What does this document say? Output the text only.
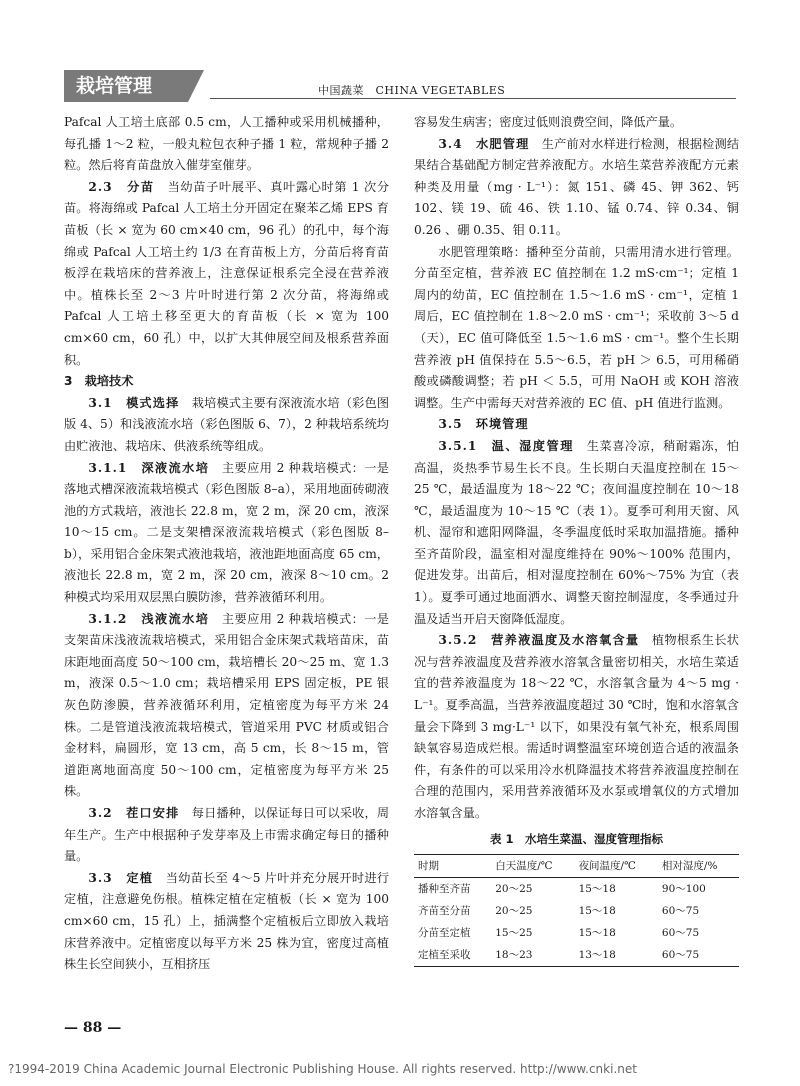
栽培管理	中国蔬菜　CHINA VEGETABLES

Pafcal 人工培土底部 0.5 cm，人工播种或采用机械播种，每孔播 1～2 粒，一般丸粒包衣种子播 1 粒，常规种子播 2 粒。然后将育苗盘放入催芽室催芽。

2.3　分苗　 当幼苗子叶展平、真叶露心时第 1 次分苗。将海绵或 Pafcal 人工培土分开固定在聚苯乙烯 EPS 育苗板（长 × 宽为 60 cm×40 cm，96 孔）的孔中，每个海绵或 Pafcal 人工培土约 1/3 在育苗板上方，分苗后将育苗板浮在栽培床的营养液上，注意保证根系完全浸在营养液中。植株长至 2～3 片叶时进行第 2 次分苗，将海绵或 Pafcal 人工培土移至更大的育苗板（长 × 宽为 100 cm×60 cm，60 孔）中，以扩大其伸展空间及根系营养面积。

3　栽培技术

3.1　模式选择　 栽培模式主要有深液流水培（彩色图版 4、5）和浅液流水培（彩色图版 6、7），2 种栽培系统均由贮液池、栽培床、供液系统等组成。

3.1.1　深液流水培　 主要应用 2 种栽培模式：一是落地式槽深液流栽培模式（彩色图版 8–a），采用地面砖砌液池的方式栽培，液池长 22.8 m，宽 2 m，深 20 cm，液深 10～15 cm。二是支架槽深液流栽培模式（彩色图版 8–b），采用铝合金床架式液池栽培，液池距地面高度 65 cm，液池长 22.8 m，宽 2 m，深 20 cm，液深 8～10 cm。2 种模式均采用双层黑白膜防渗，营养液循环利用。

3.1.2　浅液流水培　 主要应用 2 种栽培模式：一是支架苗床浅液流栽培模式，采用铝合金床架式栽培苗床，苗床距地面高度 50～100 cm，栽培槽长 20～25 m、宽 1.3 m，液深 0.5～1.0 cm；栽培槽采用 EPS 固定板，PE 银灰色防渗膜，营养液循环利用，定植密度为每平方米 24 株。二是管道浅液流栽培模式，管道采用 PVC 材质或铝合金材料，扁圆形，宽 13 cm，高 5 cm，长 8～15 m，管道距离地面高度 50～100 cm，定植密度为每平方米 25 株。

3.2　茬口安排　 每日播种，以保证每日可以采收，周年生产。生产中根据种子发芽率及上市需求确定每日的播种量。

3.3　定植　 当幼苗长至 4～5 片叶并充分展开时进行定植，注意避免伤根。植株定植在定植板（长 × 宽为 100 cm×60 cm，15 孔）上，插满整个定植板后立即放入栽培床营养液中。定植密度以每平方米 25 株为宜，密度过高植株生长空间狭小，互相挤压

容易发生病害；密度过低则浪费空间，降低产量。

3.4　水肥管理　 生产前对水样进行检测，根据检测结果结合基础配方制定营养液配方。水培生菜营养液配方元素种类及用量（mg · L⁻¹）：氮 151、磷 45、钾 362、钙 102、镁 19、硫 46、铁 1.10、锰 0.74、锌 0.34、铜 0.26 、硼 0.35、钼 0.11。

水肥管理策略：播种至分苗前，只需用清水进行管理。分苗至定植，营养液 EC 值控制在 1.2 mS·cm⁻¹；定植 1 周内的幼苗，EC 值控制在 1.5～1.6 mS · cm⁻¹，定植 1 周后，EC 值控制在 1.8～2.0 mS · cm⁻¹；采收前 3～5 d（天），EC 值可降低至 1.5～1.6 mS · cm⁻¹。整个生长期营养液 pH 值保持在 5.5～6.5，若 pH ＞ 6.5，可用稀硝酸或磷酸调整；若 pH ＜ 5.5，可用 NaOH 或 KOH 溶液调整。生产中需每天对营养液的 EC 值、pH 值进行监测。

3.5　环境管理

3.5.1　温、湿度管理　 生菜喜冷凉，稍耐霜冻，怕高温，炎热季节易生长不良。生长期白天温度控制在 15～25 ℃，最适温度为 18～22 ℃；夜间温度控制在 10～18 ℃，最适温度为 10～15 ℃（表 1）。夏季可利用天窗、风机、湿帘和遮阳网降温，冬季温度低时采取加温措施。播种至齐苗阶段，温室相对湿度维持在 90%～100% 范围内，促进发芽。出苗后，相对湿度控制在 60%～75% 为宜（表 1）。夏季可通过地面洒水、调整天窗控制湿度，冬季通过升温及适当开启天窗降低湿度。

3.5.2　营养液温度及水溶氧含量　 植物根系生长状况与营养液温度及营养液水溶氧含量密切相关，水培生菜适宜的营养液温度为 18～22 ℃，水溶氧含量为 4～5 mg · L⁻¹。夏季高温，当营养液温度超过 30 ℃时，饱和水溶氧含量会下降到 3 mg·L⁻¹ 以下，如果没有氧气补充，根系周围缺氧容易造成烂根。需适时调整温室环境创造合适的液温条件，有条件的可以采用冷水机降温技术将营养液温度控制在合理的范围内，采用营养液循环及水泵或增氧仪的方式增加水溶氧含量。

表 1　水培生菜温、湿度管理指标
时期	白天温度/℃	夜间温度/℃	相对湿度/%
播种至齐苗	20～25	15～18	90～100
齐苗至分苗	20～25	15～18	60～75
分苗至定植	15～25	15～18	60～75
定植至采收	18～23	13～18	60～75
— 88 —
?1994-2019 China Academic Journal Electronic Publishing House. All rights reserved. http://www.cnki.net
